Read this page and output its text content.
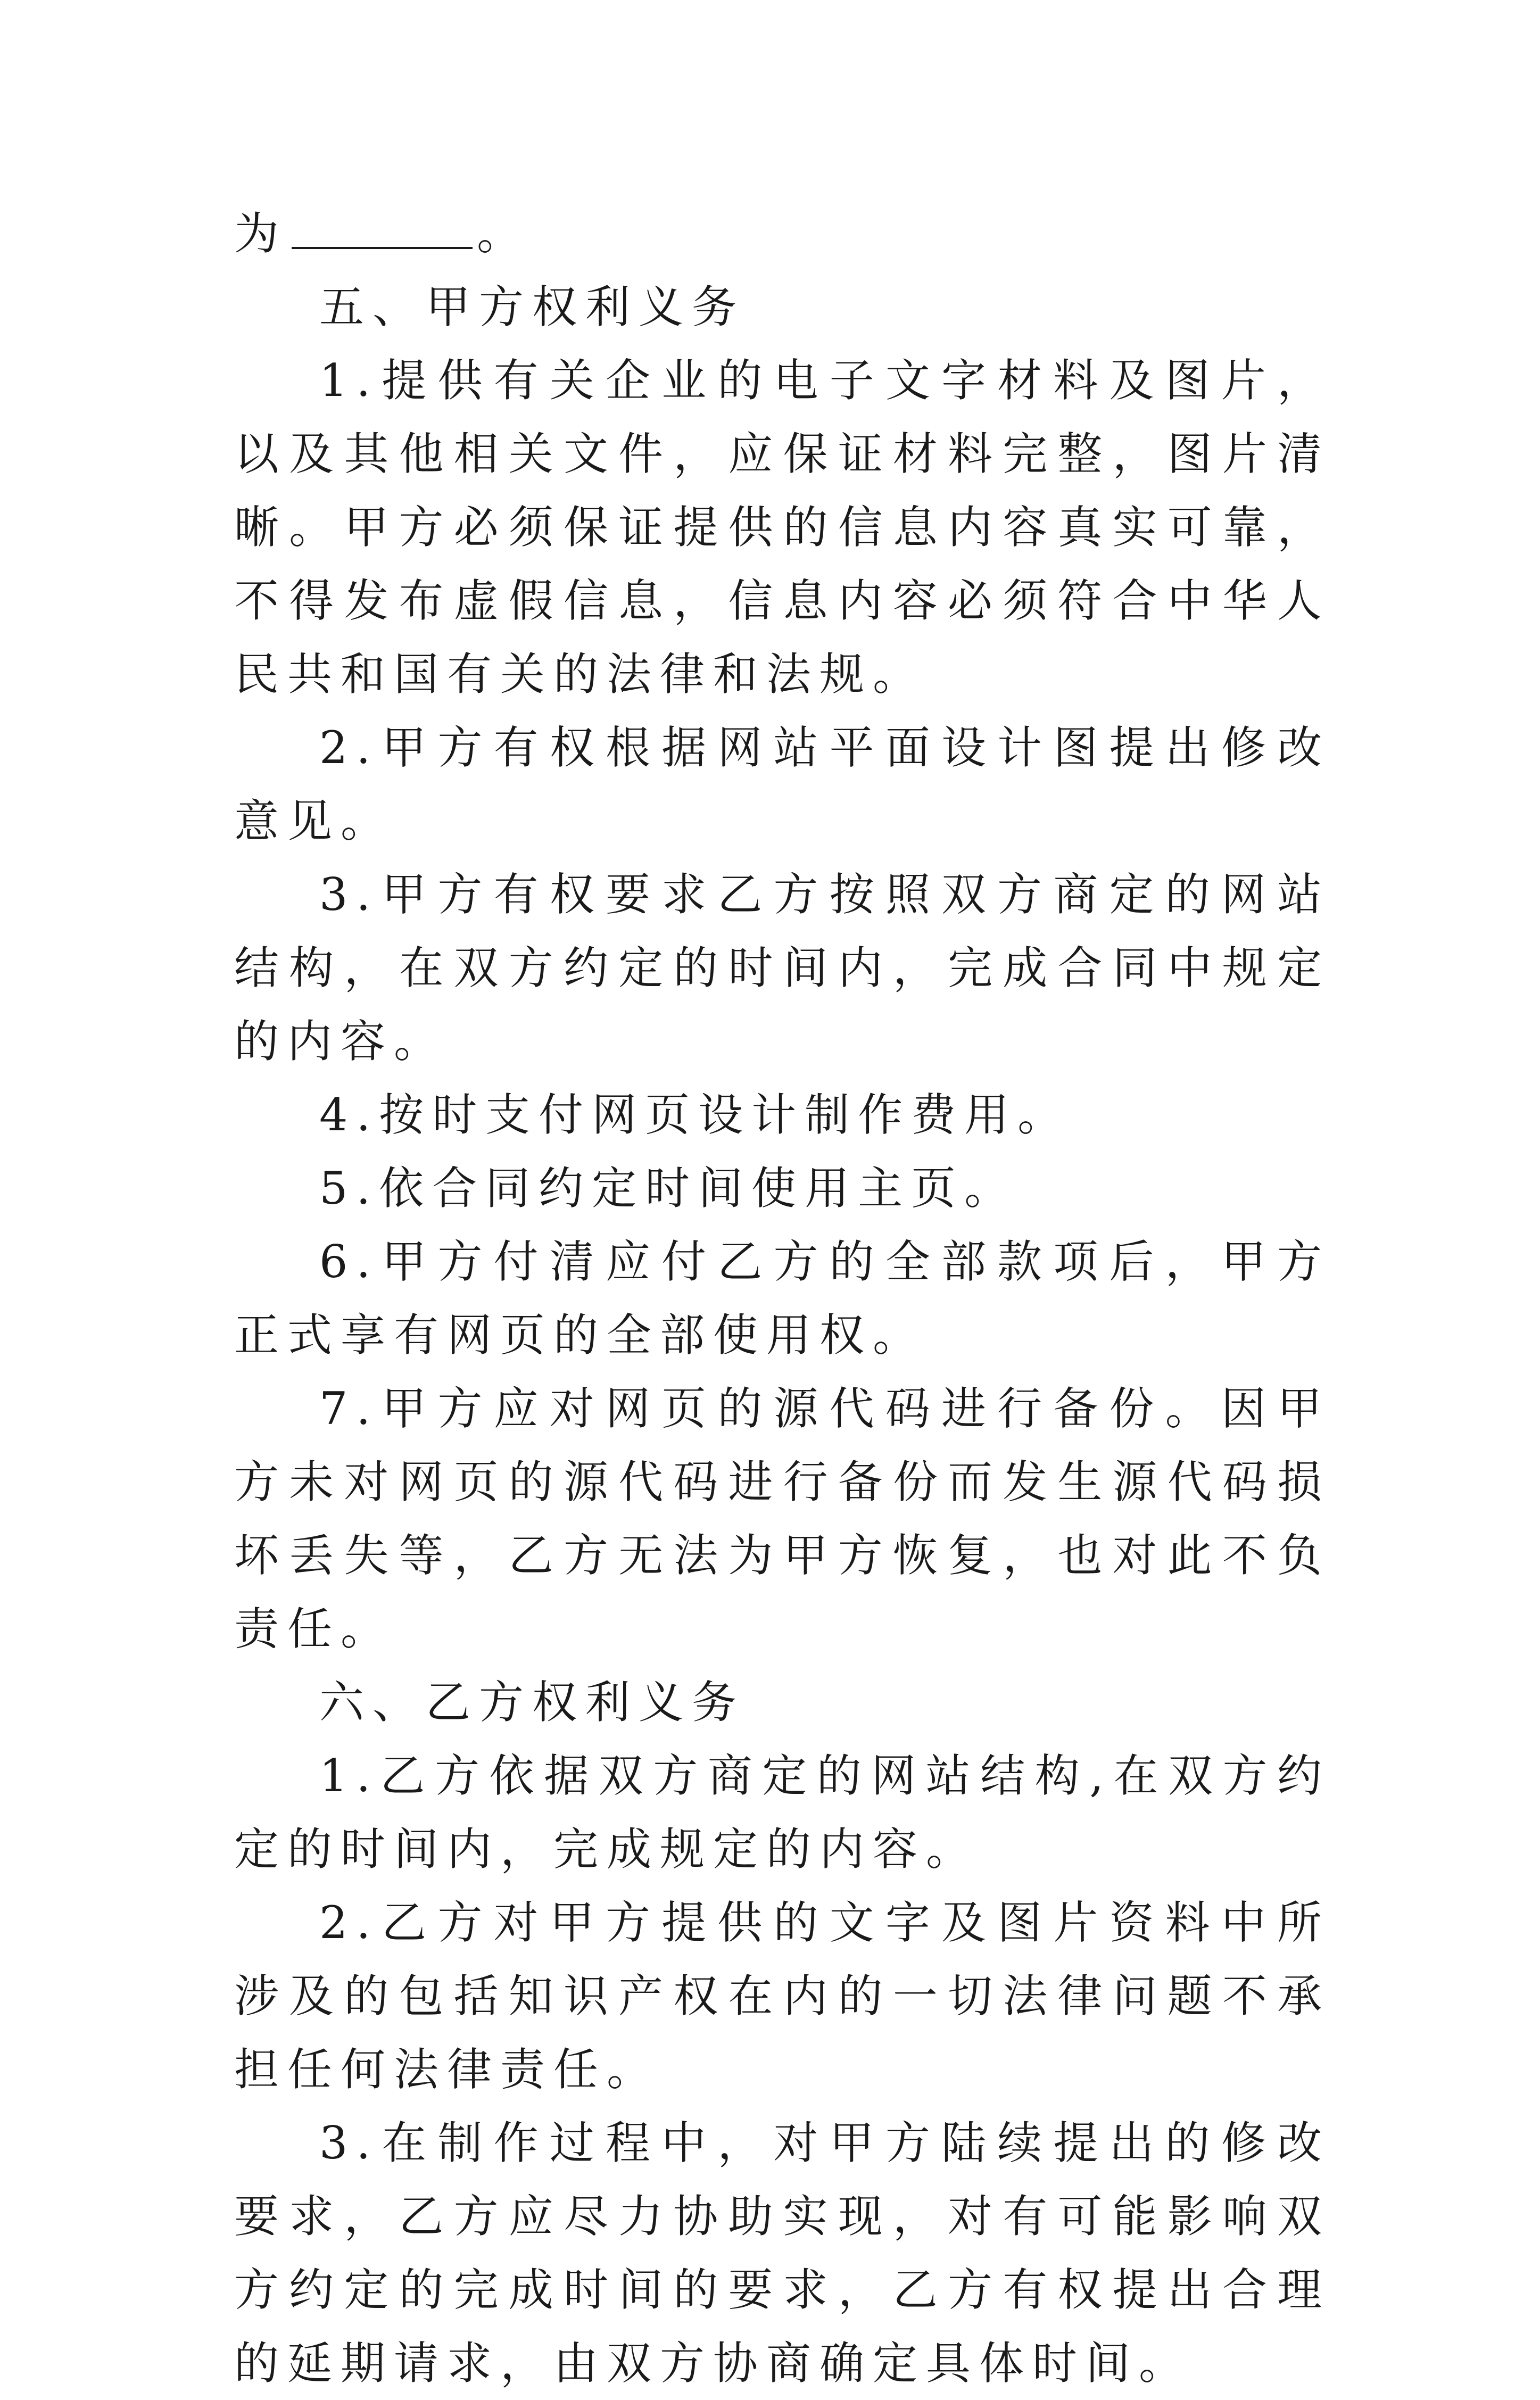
为	。

五、甲方权利义务

1.提供有关企业的电子文字材料及图片，以及其他相关文件，应保证材料完整，图片清晰。甲方必须保证提供的信息内容真实可靠，不得发布虚假信息，信息内容必须符合中华人民共和国有关的法律和法规。

2.甲方有权根据网站平面设计图提出修改意见。

3.甲方有权要求乙方按照双方商定的网站结构，在双方约定的时间内，完成合同中规定的内容。

4.按时支付网页设计制作费用。

5.依合同约定时间使用主页。

6.甲方付清应付乙方的全部款项后，甲方正式享有网页的全部使用权。

7.甲方应对网页的源代码进行备份。因甲方未对网页的源代码进行备份而发生源代码损坏丢失等，乙方无法为甲方恢复，也对此不负责任。

六、乙方权利义务

1.乙方依据双方商定的网站结构,在双方约定的时间内，完成规定的内容。

2.乙方对甲方提供的文字及图片资料中所涉及的包括知识产权在内的一切法律问题不承担任何法律责任。

3.在制作过程中，对甲方陆续提出的修改要求，乙方应尽力协助实现，对有可能影响双方约定的完成时间的要求，乙方有权提出合理的延期请求，由双方协商确定具体时间。
